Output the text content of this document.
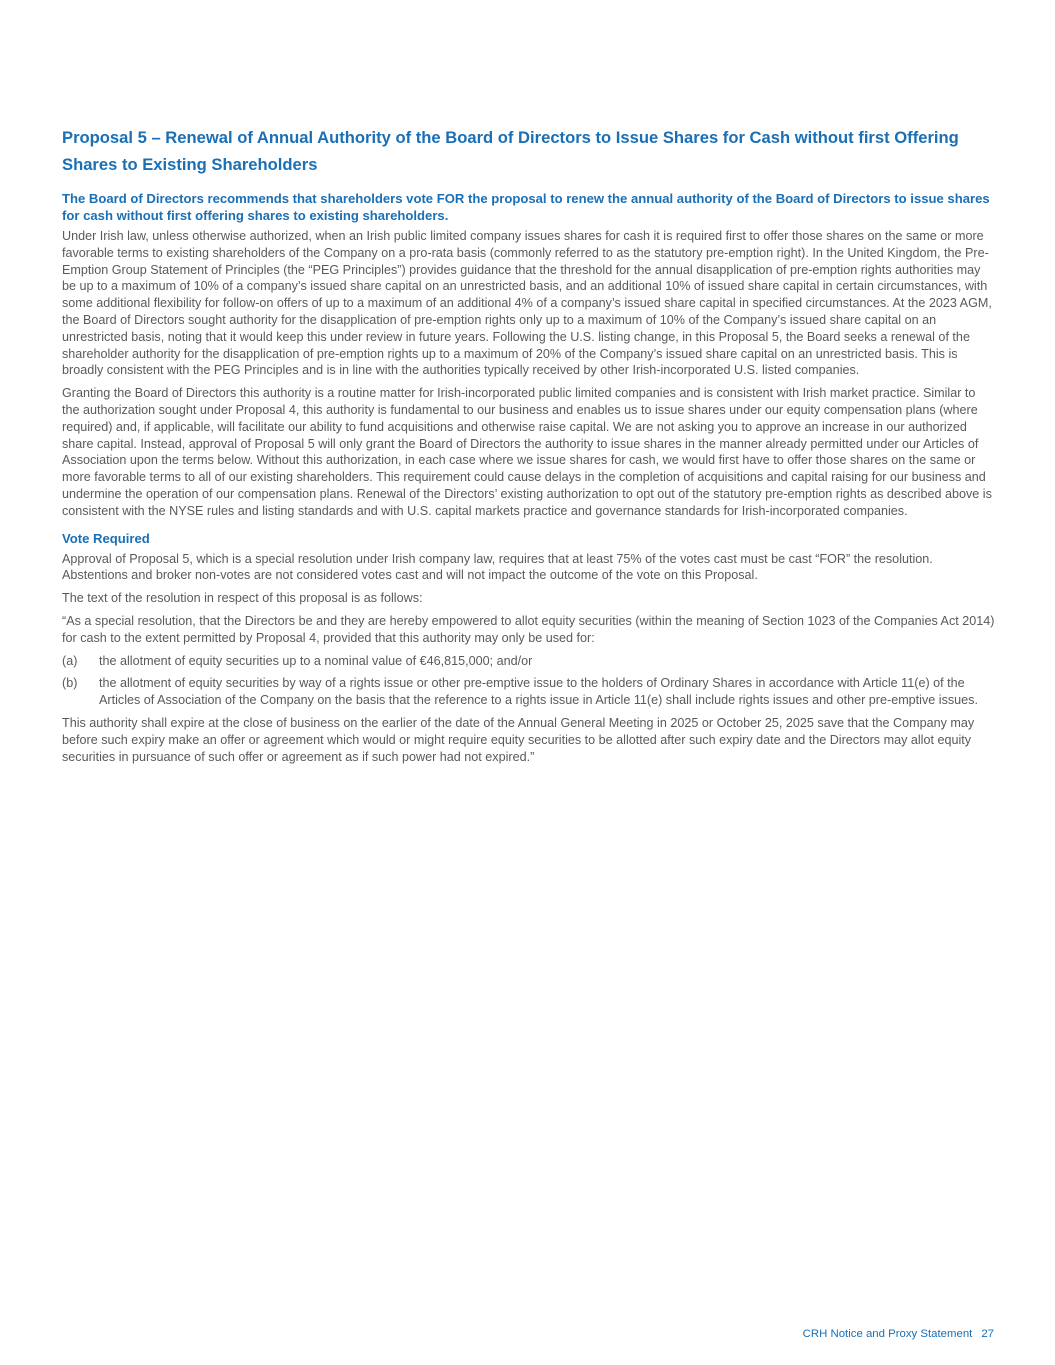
Proposal 5 – Renewal of Annual Authority of the Board of Directors to Issue Shares for Cash without first Offering Shares to Existing Shareholders

The Board of Directors recommends that shareholders vote FOR the proposal to renew the annual authority of the Board of Directors to issue shares for cash without first offering shares to existing shareholders.

Under Irish law, unless otherwise authorized, when an Irish public limited company issues shares for cash it is required first to offer those shares on the same or more favorable terms to existing shareholders of the Company on a pro-rata basis (commonly referred to as the statutory pre-emption right). In the United Kingdom, the Pre-Emption Group Statement of Principles (the “PEG Principles”) provides guidance that the threshold for the annual disapplication of pre-emption rights authorities may be up to a maximum of 10% of a company’s issued share capital on an unrestricted basis, and an additional 10% of issued share capital in certain circumstances, with some additional flexibility for follow-on offers of up to a maximum of an additional 4% of a company’s issued share capital in specified circumstances. At the 2023 AGM, the Board of Directors sought authority for the disapplication of pre-emption rights only up to a maximum of 10% of the Company’s issued share capital on an unrestricted basis, noting that it would keep this under review in future years. Following the U.S. listing change, in this Proposal 5, the Board seeks a renewal of the shareholder authority for the disapplication of pre-emption rights up to a maximum of 20% of the Company’s issued share capital on an unrestricted basis. This is broadly consistent with the PEG Principles and is in line with the authorities typically received by other Irish-incorporated U.S. listed companies.

Granting the Board of Directors this authority is a routine matter for Irish-incorporated public limited companies and is consistent with Irish market practice. Similar to the authorization sought under Proposal 4, this authority is fundamental to our business and enables us to issue shares under our equity compensation plans (where required) and, if applicable, will facilitate our ability to fund acquisitions and otherwise raise capital. We are not asking you to approve an increase in our authorized share capital. Instead, approval of Proposal 5 will only grant the Board of Directors the authority to issue shares in the manner already permitted under our Articles of Association upon the terms below. Without this authorization, in each case where we issue shares for cash, we would first have to offer those shares on the same or more favorable terms to all of our existing shareholders. This requirement could cause delays in the completion of acquisitions and capital raising for our business and undermine the operation of our compensation plans. Renewal of the Directors’ existing authorization to opt out of the statutory pre-emption rights as described above is consistent with the NYSE rules and listing standards and with U.S. capital markets practice and governance standards for Irish-incorporated companies.

Vote Required

Approval of Proposal 5, which is a special resolution under Irish company law, requires that at least 75% of the votes cast must be cast “FOR” the resolution. Abstentions and broker non-votes are not considered votes cast and will not impact the outcome of the vote on this Proposal.

The text of the resolution in respect of this proposal is as follows:

“As a special resolution, that the Directors be and they are hereby empowered to allot equity securities (within the meaning of Section 1023 of the Companies Act 2014) for cash to the extent permitted by Proposal 4, provided that this authority may only be used for:

(a)	the allotment of equity securities up to a nominal value of €46,815,000; and/or
(b)	the allotment of equity securities by way of a rights issue or other pre-emptive issue to the holders of Ordinary Shares in accordance with Article 11(e) of the Articles of Association of the Company on the basis that the reference to a rights issue in Article 11(e) shall include rights issues and other pre-emptive issues.

This authority shall expire at the close of business on the earlier of the date of the Annual General Meeting in 2025 or October 25, 2025 save that the Company may before such expiry make an offer or agreement which would or might require equity securities to be allotted after such expiry date and the Directors may allot equity securities in pursuance of such offer or agreement as if such power had not expired.”

CRH Notice and Proxy Statement 27
